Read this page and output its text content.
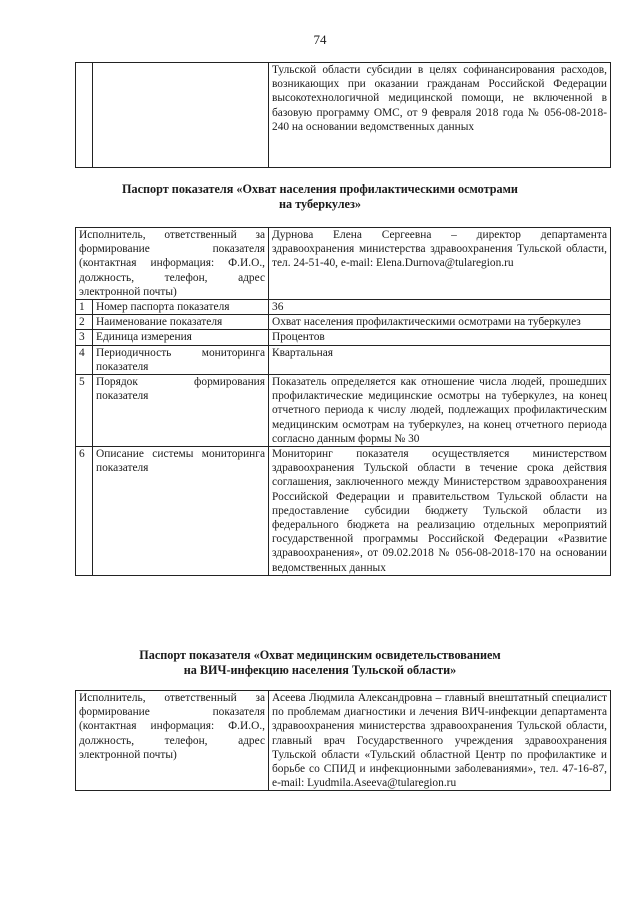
74
		Тульской области субсидии в целях софинансирования расходов, возникающих при оказании гражданам Российской Федерации высокотехнологичной медицинской помощи, не включенной в базовую программу ОМС, от 9 февраля 2018 года № 056-08-2018-240 на основании ведомственных данных
Паспорт показателя «Охват населения профилактическими осмотрами
на туберкулез»
Исполнитель, ответственный за формирование показателя (контактная информация: Ф.И.О., должность, телефон, адрес электронной почты)		Дурнова Елена Сергеевна – директор департамента здравоохранения министерства здравоохранения Тульской области, тел. 24-51-40, e-mail: Elena.Durnova@tularegion.ru
1	Номер паспорта показателя	36
2	Наименование показателя	Охват населения профилактическими осмотрами на туберкулез
3	Единица измерения	Процентов
4	Периодичность мониторинга показателя	Квартальная
5	Порядок формирования показателя	Показатель определяется как отношение числа людей, прошедших профилактические медицинские осмотры на туберкулез, на конец отчетного периода к числу людей, подлежащих профилактическим медицинским осмотрам на туберкулез, на конец отчетного периода согласно данным формы № 30
6	Описание системы мониторинга показателя	Мониторинг показателя осуществляется министерством здравоохранения Тульской области в течение срока действия соглашения, заключенного между Министерством здравоохранения Российской Федерации и правительством Тульской области на предоставление субсидии бюджету Тульской области из федерального бюджета на реализацию отдельных мероприятий государственной программы Российской Федерации «Развитие здравоохранения», от 09.02.2018 № 056-08-2018-170 на основании ведомственных данных
Паспорт показателя «Охват медицинским освидетельствованием
на ВИЧ-инфекцию населения Тульской области»
Исполнитель, ответственный за формирование показателя (контактная информация: Ф.И.О., должность, телефон, адрес электронной почты)	Асеева Людмила Александровна – главный внештатный специалист по проблемам диагностики и лечения ВИЧ-инфекции департамента здравоохранения министерства здравоохранения Тульской области, главный врач Государственного учреждения здравоохранения Тульской области «Тульский областной Центр по профилактике и борьбе со СПИД и инфекционными заболеваниями», тел. 47-16-87, e-mail: Lyudmila.Aseeva@tularegion.ru
